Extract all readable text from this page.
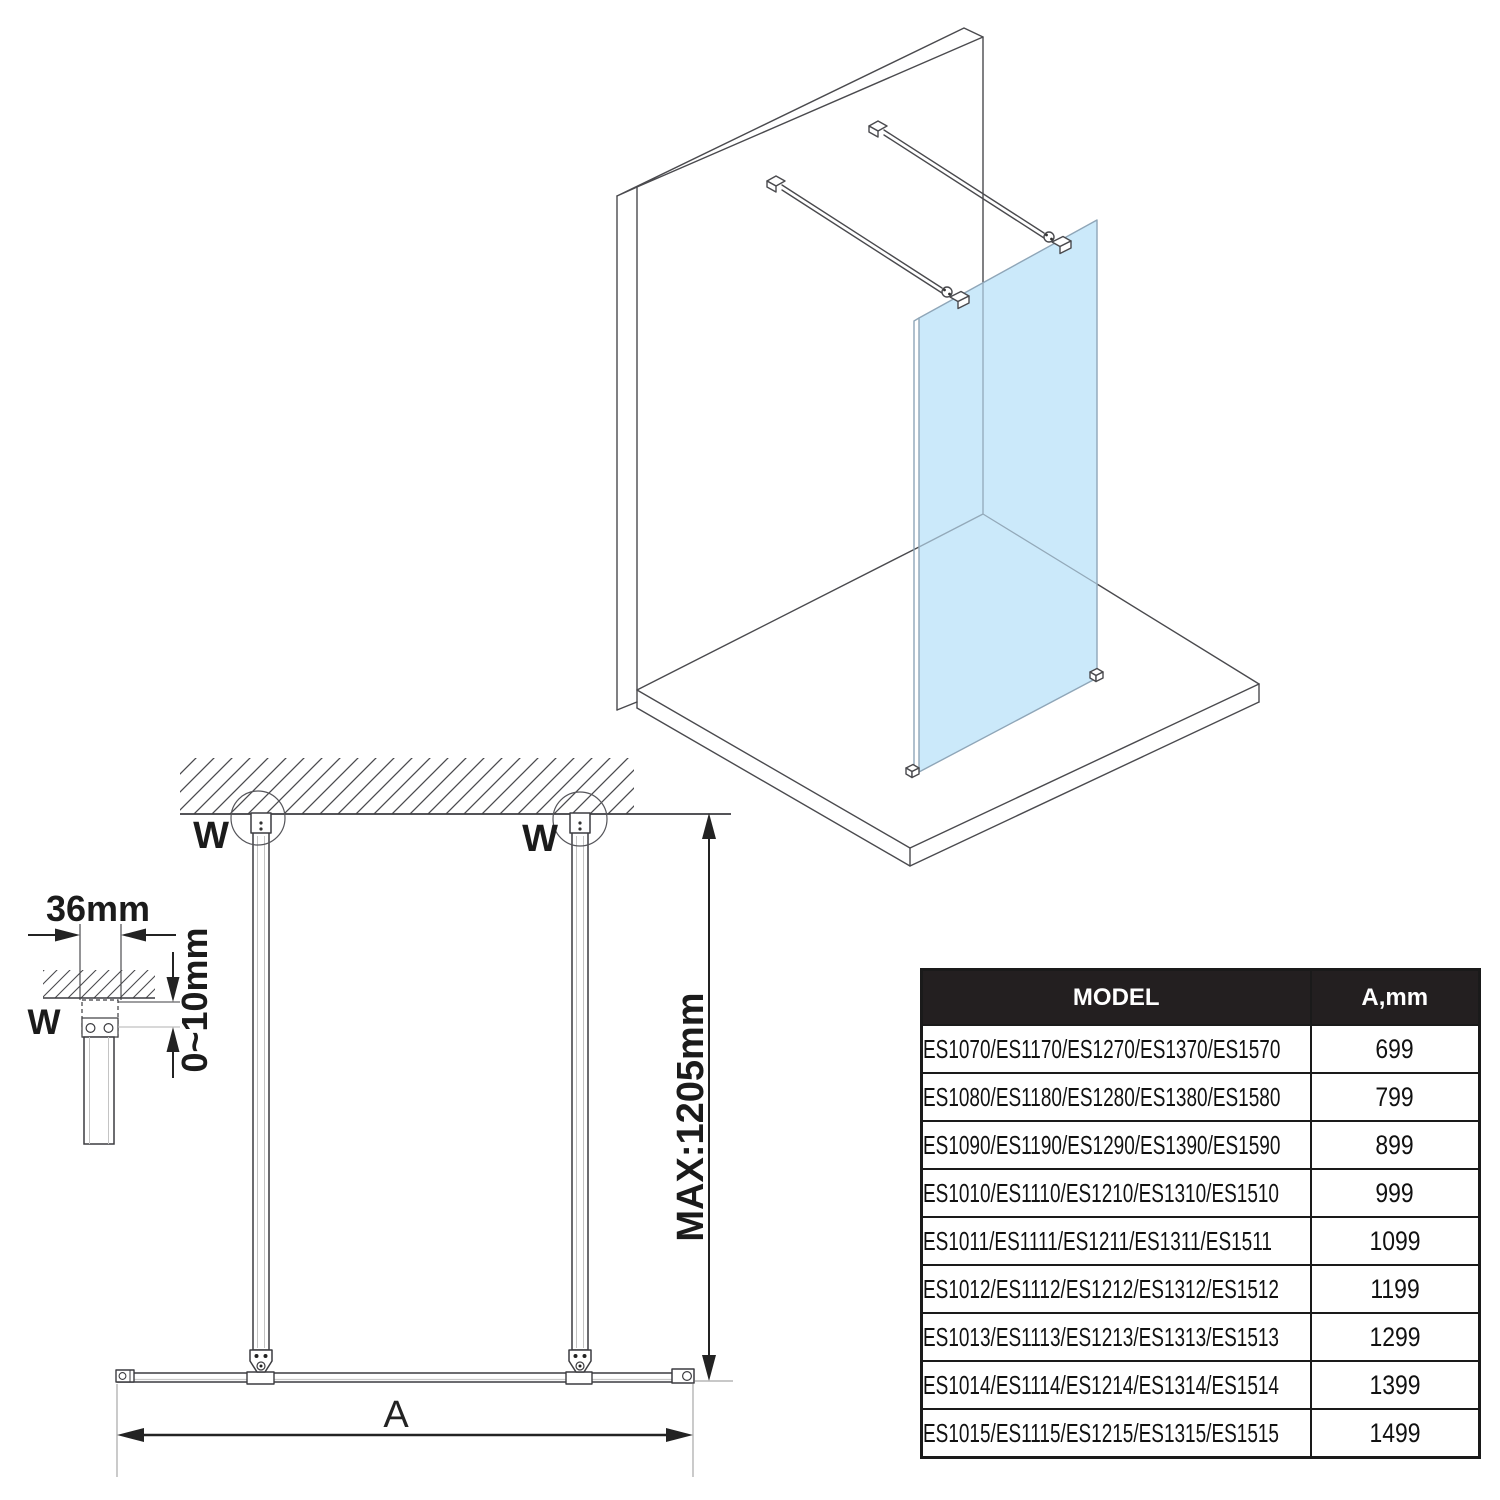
W	W
W
36mm
0~10mm	MAX:1205mm
A
MODEL	A,mm
ES1070/ES1170/ES1270/ES1370/ES1570	699
ES1080/ES1180/ES1280/ES1380/ES1580	799
ES1090/ES1190/ES1290/ES1390/ES1590	899
ES1010/ES1110/ES1210/ES1310/ES1510	999
ES1011/ES1111/ES1211/ES1311/ES1511	1099
ES1012/ES1112/ES1212/ES1312/ES1512	1199
ES1013/ES1113/ES1213/ES1313/ES1513	1299
ES1014/ES1114/ES1214/ES1314/ES1514	1399
ES1015/ES1115/ES1215/ES1315/ES1515	1499
